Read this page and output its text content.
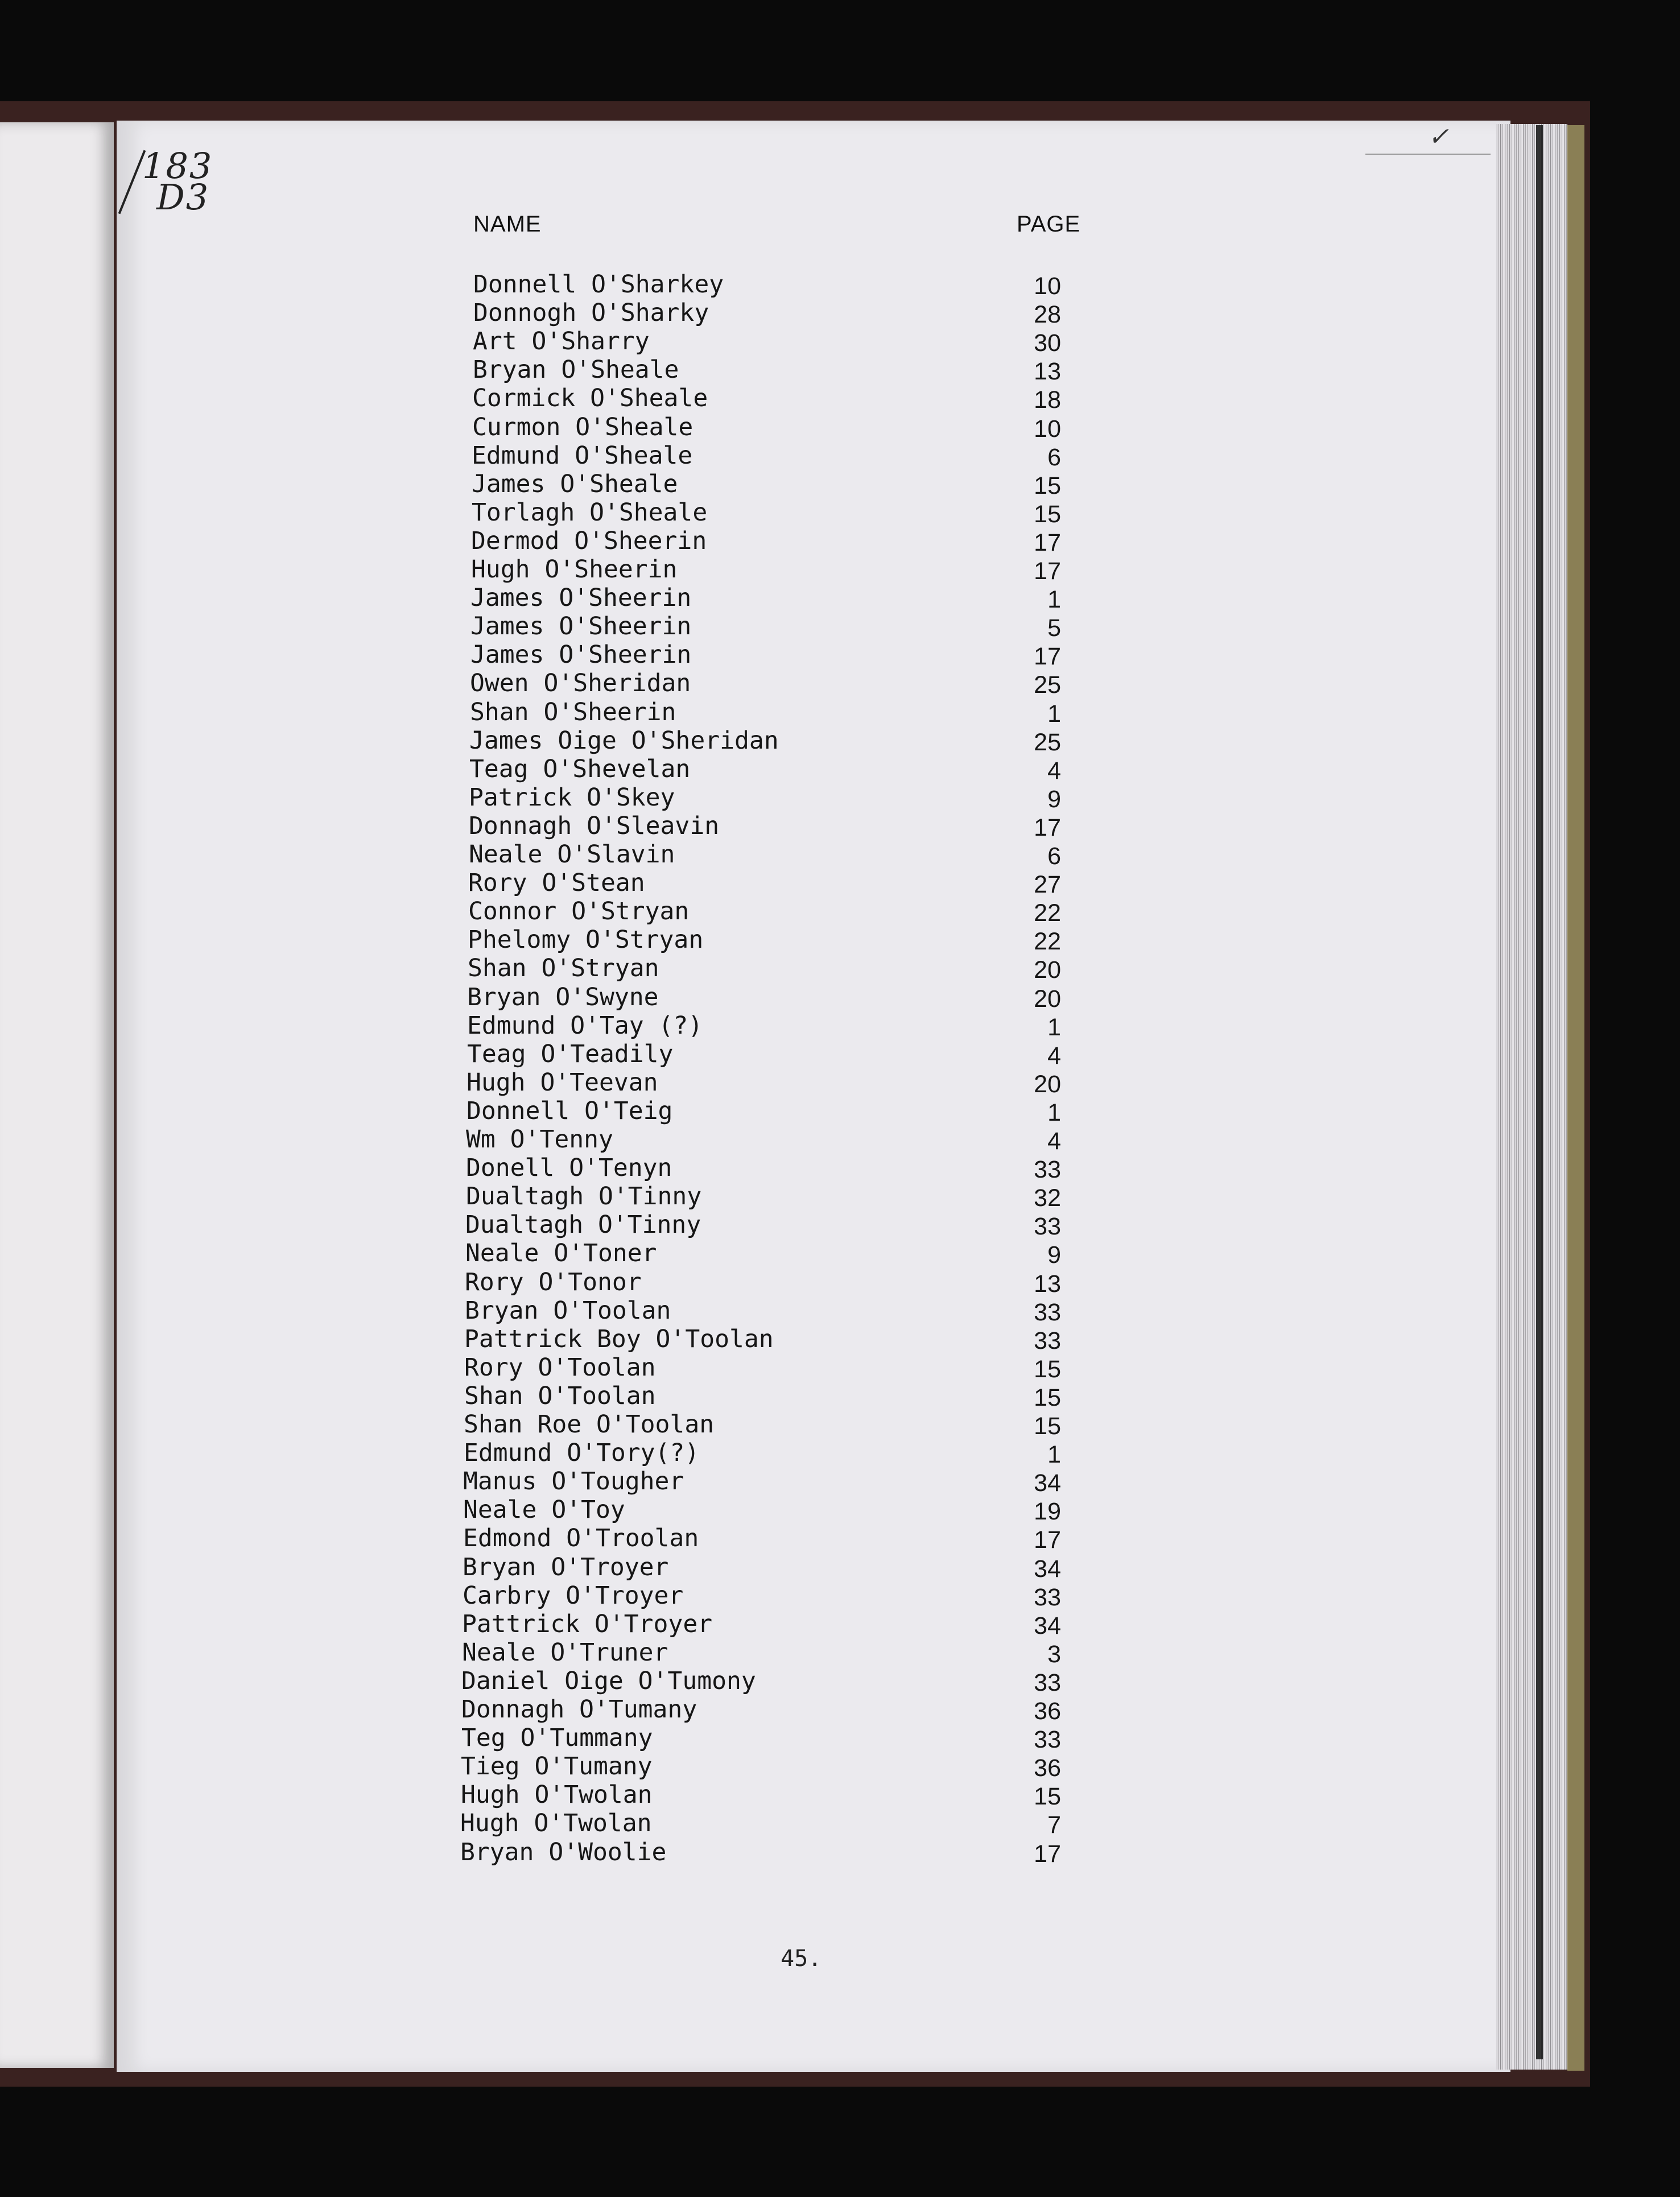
✓
183
D3
NAME	PAGE
Donnell O'Sharkey	10
Donnogh O'Sharky	28
Art O'Sharry	30
Bryan O'Sheale	13
Cormick O'Sheale	18
Curmon O'Sheale	10
Edmund O'Sheale	6
James O'Sheale	15
Torlagh O'Sheale	15
Dermod O'Sheerin	17
Hugh O'Sheerin	17
James O'Sheerin	1
James O'Sheerin	5
James O'Sheerin	17
Owen O'Sheridan	25
Shan O'Sheerin	1
James Oige O'Sheridan	25
Teag O'Shevelan	4
Patrick O'Skey	9
Donnagh O'Sleavin	17
Neale O'Slavin	6
Rory O'Stean	27
Connor O'Stryan	22
Phelomy O'Stryan	22
Shan O'Stryan	20
Bryan O'Swyne	20
Edmund O'Tay (?)	1
Teag O'Teadily	4
Hugh O'Teevan	20
Donnell O'Teig	1
Wm O'Tenny	4
Donell O'Tenyn	33
Dualtagh O'Tinny	32
Dualtagh O'Tinny	33
Neale O'Toner	9
Rory O'Tonor	13
Bryan O'Toolan	33
Pattrick Boy O'Toolan	33
Rory O'Toolan	15
Shan O'Toolan	15
Shan Roe O'Toolan	15
Edmund O'Tory(?)	1
Manus O'Tougher	34
Neale O'Toy	19
Edmond O'Troolan	17
Bryan O'Troyer	34
Carbry O'Troyer	33
Pattrick O'Troyer	34
Neale O'Truner	3
Daniel Oige O'Tumony	33
Donnagh O'Tumany	36
Teg O'Tummany	33
Tieg O'Tumany	36
Hugh O'Twolan	15
Hugh O'Twolan	7
Bryan O'Woolie	17
45.
